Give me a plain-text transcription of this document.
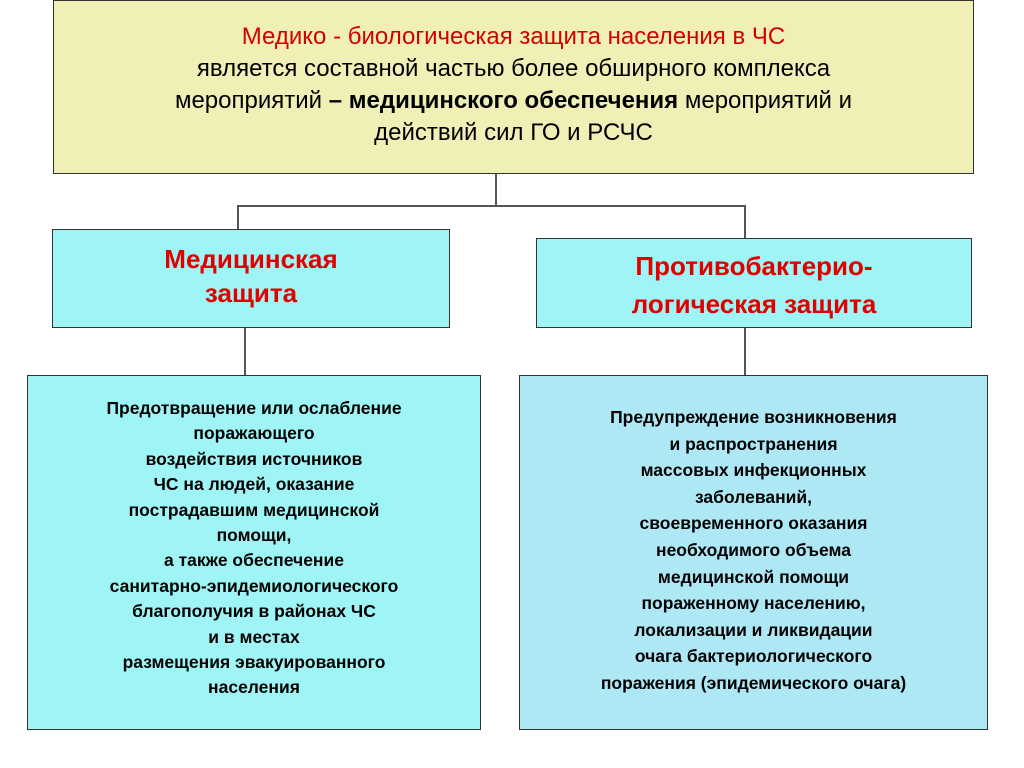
Медико - биологическая защита населения в ЧС
является составной частью более обширного комплекса
мероприятий – медицинского обеспечения мероприятий и
действий сил ГО и РСЧС
Медицинская
защита
Противобактерио-
логическая защита
Предотвращение или ослабление
поражающего
воздействия источников
ЧС на людей, оказание
пострадавшим медицинской
помощи,
а также обеспечение
санитарно-эпидемиологического
благополучия в районах ЧС
и в местах
размещения эвакуированного
населения
Предупреждение возникновения
и распространения
массовых инфекционных
заболеваний,
своевременного оказания
необходимого объема
медицинской помощи
пораженному населению,
локализации и ликвидации
очага бактериологического
поражения (эпидемического очага)
